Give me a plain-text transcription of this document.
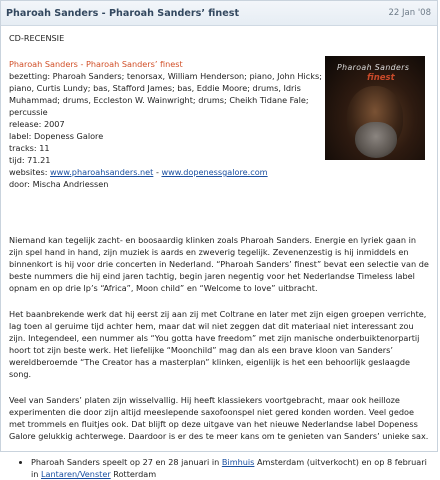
Pharoah Sanders - Pharoah Sanders’ finest	22 Jan '08
CD-RECENSIE
Pharoah Sanders - Pharoah Sanders’ finest
bezetting: Pharoah Sanders; tenorsax, William Henderson; piano, John Hicks;
piano, Curtis Lundy; bas, Stafford James; bas, Eddie Moore; drums, Idris
Muhammad; drums, Eccleston W. Wainwright; drums; Cheikh Tidane Fale;
percussie
release: 2007
label: Dopeness Galore
tracks: 11
tijd: 71.21
websites: www.pharoahsanders.net - www.dopenessgalore.com
door: Mischa Andriessen
Pharoah Sanders
finest

Niemand kan tegelijk zacht- en boosaardig klinken zoals Pharoah Sanders. Energie en lyriek gaan in zijn spel hand in hand, zijn muziek is aards en zweverig tegelijk. Zevenenzestig is hij inmiddels en binnenkort is hij voor drie concerten in Nederland. “Pharoah Sanders’ finest” bevat een selectie van de beste nummers die hij eind jaren tachtig, begin jaren negentig voor het Nederlandse Timeless label opnam en op drie lp’s “Africa”, Moon child” en “Welcome to love” uitbracht.

Het baanbrekende werk dat hij eerst zij aan zij met Coltrane en later met zijn eigen groepen verrichte, lag toen al geruime tijd achter hem, maar dat wil niet zeggen dat dit materiaal niet interessant zou zijn. Integendeel, een nummer als “You gotta have freedom” met zijn manische onderbuiktenorpartij hoort tot zijn beste werk. Het liefelijke “Moonchild” mag dan als een brave kloon van Sanders’ wereldberoemde “The Creator has a masterplan” klinken, eigenlijk is het een behoorlijk geslaagde song.

Veel van Sanders’ platen zijn wisselvallig. Hij heeft klassiekers voortgebracht, maar ook heilloze experimenten die door zijn altijd meeslepende saxofoonspel niet gered konden worden. Veel gedoe met trommels en fluitjes ook. Dat blijft op deze uitgave van het nieuwe Nederlandse label Dopeness Galore gelukkig achterwege. Daardoor is er des te meer kans om te genieten van Sanders’ unieke sax.

• Pharoah Sanders speelt op 27 en 28 januari in Bimhuis Amsterdam (uitverkocht) en op 8 februari in Lantaren/Venster Rotterdam
